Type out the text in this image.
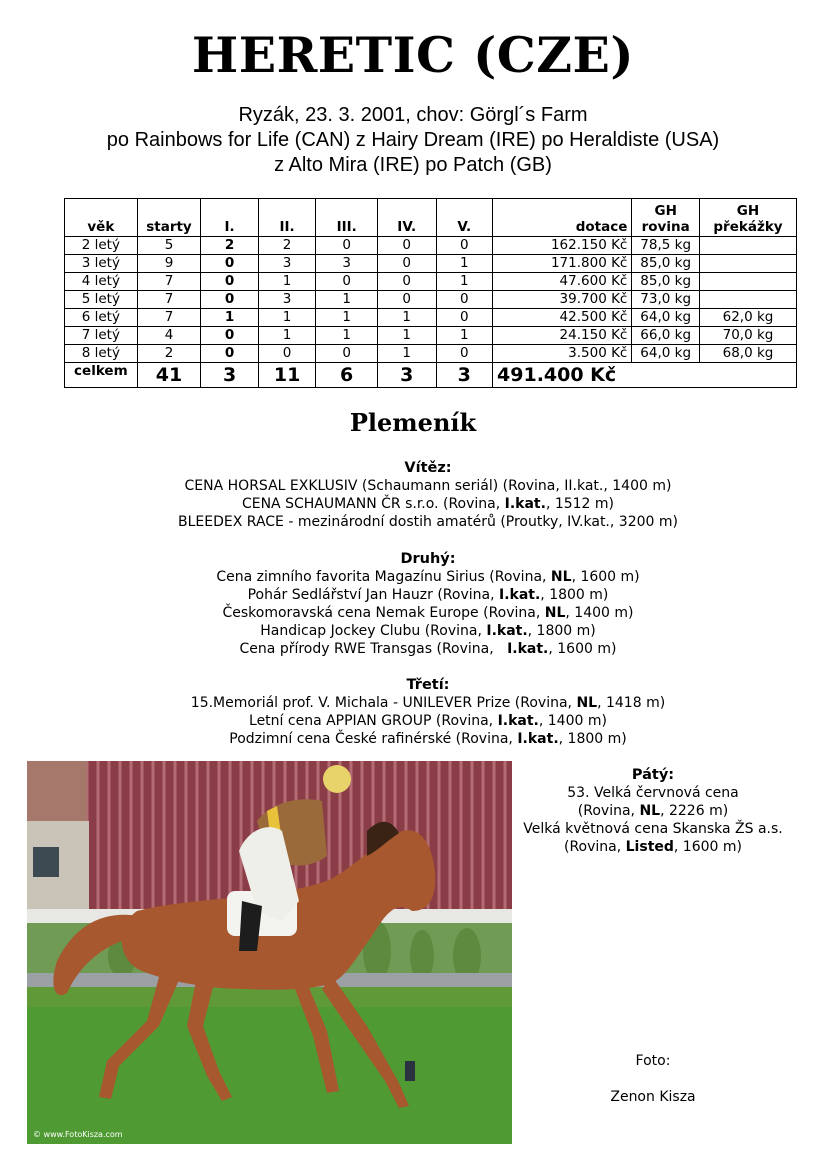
HERETIC (CZE)
Ryzák, 23. 3. 2001, chov: Görgl´s Farm
po Rainbows for Life (CAN) z Hairy Dream (IRE) po Heraldiste (USA)
z Alto Mira (IRE) po Patch (GB)
věk	starty	I.	II.	III.	IV.	V.	dotace	GH rovina	GH překážky
2 letý	5	2	2	0	0	0	162.150 Kč	78,5 kg	
3 letý	9	0	3	3	0	1	171.800 Kč	85,0 kg	
4 letý	7	0	1	0	0	1	47.600 Kč	85,0 kg	
5 letý	7	0	3	1	0	0	39.700 Kč	73,0 kg	
6 letý	7	1	1	1	1	0	42.500 Kč	64,0 kg	62,0 kg
7 letý	4	0	1	1	1	1	24.150 Kč	66,0 kg	70,0 kg
8 letý	2	0	0	0	1	0	3.500 Kč	64,0 kg	68,0 kg
celkem	41	3	11	6	3	3	491.400 Kč		
Plemeník

Vítěz:

CENA HORSAL EXKLUSIV (Schaumann seriál) (Rovina, II.kat., 1400 m)

CENA SCHAUMANN ČR s.r.o. (Rovina, I.kat., 1512 m)

BLEEDEX RACE - mezinárodní dostih amatérů (Proutky, IV.kat., 3200 m)

Druhý:

Cena zimního favorita Magazínu Sirius (Rovina, NL, 1600 m)

Pohár Sedlářství Jan Hauzr (Rovina, I.kat., 1800 m)

Českomoravská cena Nemak Europe (Rovina, NL, 1400 m)

Handicap Jockey Clubu (Rovina, I.kat., 1800 m)

Cena přírody RWE Transgas (Rovina,   I.kat., 1600 m)

Třetí:

15.Memoriál prof. V. Michala - UNILEVER Prize (Rovina, NL, 1418 m)

Letní cena APPIAN GROUP (Rovina, I.kat., 1400 m)

Podzimní cena České rafinérské (Rovina, I.kat., 1800 m)

© www.FotoKisza.com

Pátý:

53. Velká červnová cena

(Rovina, NL, 2226 m)

Velká květnová cena Skanska ŽS a.s.

(Rovina, Listed, 1600 m)

Foto:
Zenon Kisza
